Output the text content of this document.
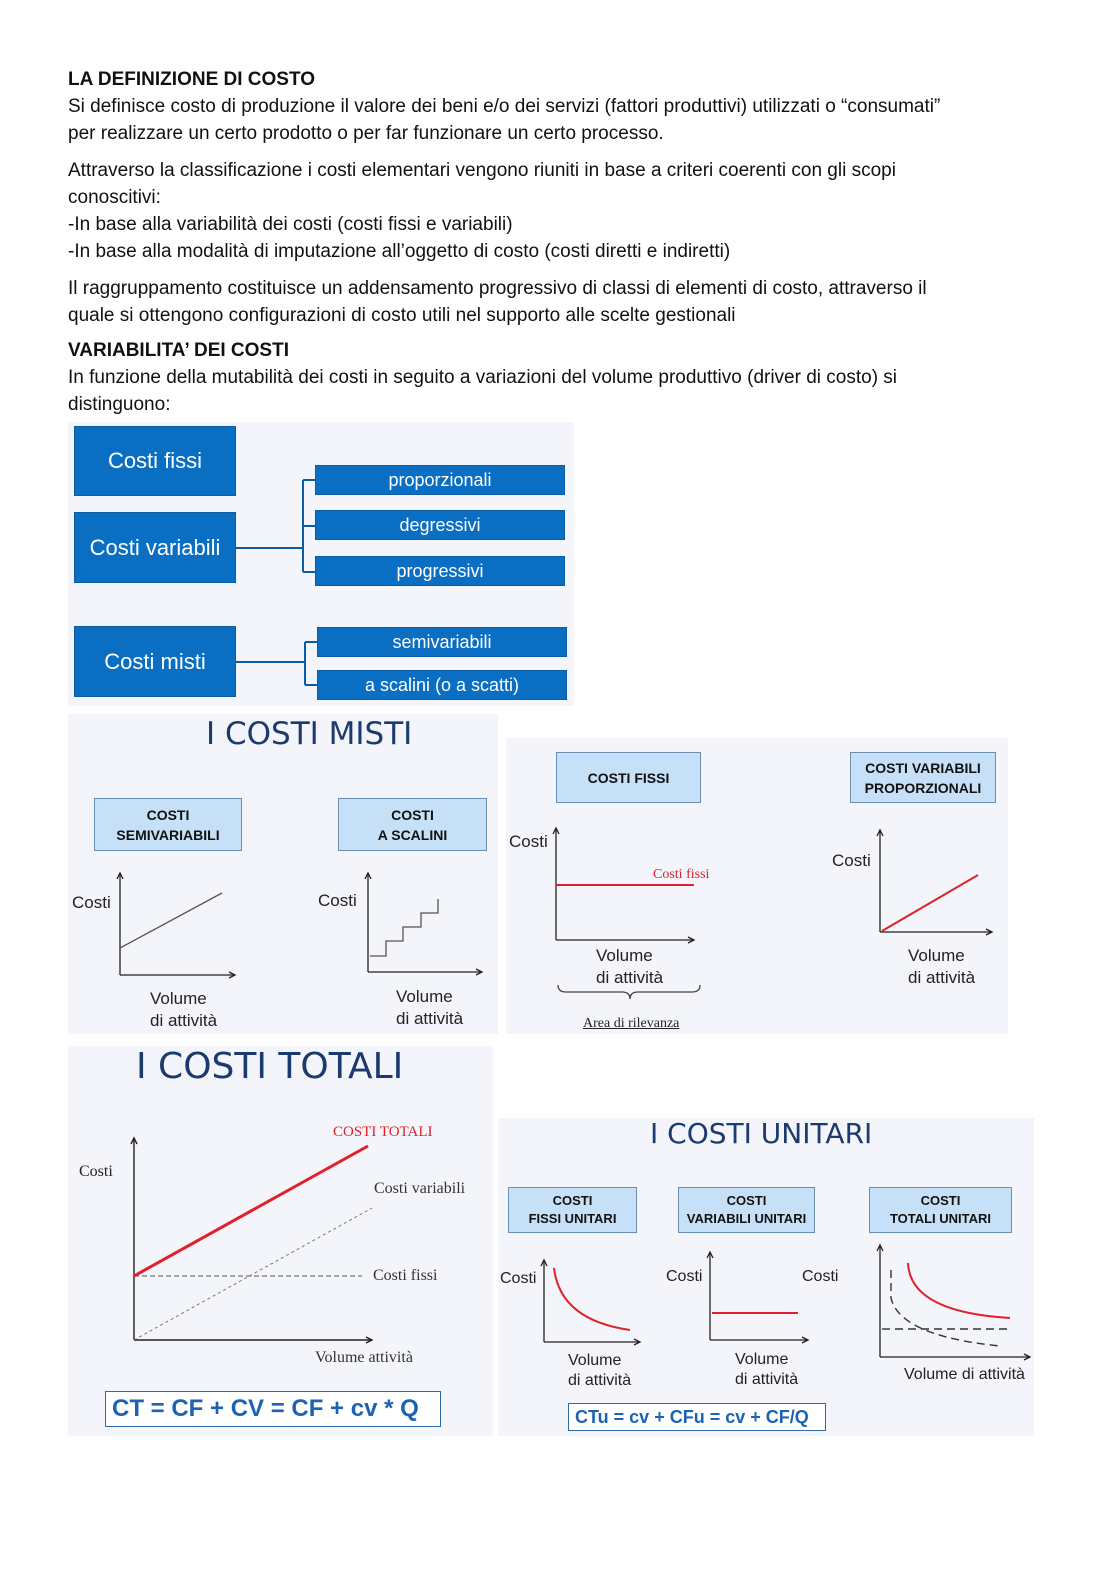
LA DEFINIZIONE DI COSTO

Si definisce costo di produzione il valore dei beni e/o dei servizi (fattori produttivi) utilizzati o “consumati”

per realizzare un certo prodotto o per far funzionare un certo processo.

Attraverso la classificazione i costi elementari vengono riuniti in base a criteri coerenti con gli scopi

conoscitivi:

-In base alla variabilità dei costi (costi fissi e variabili)

-In base alla modalità di imputazione all’oggetto di costo (costi diretti e indiretti)

Il raggruppamento costituisce un addensamento progressivo di classi di elementi di costo, attraverso il

quale si ottengono configurazioni di costo utili nel supporto alle scelte gestionali

VARIABILITA’ DEI COSTI

In funzione della mutabilità dei costi in seguito a variazioni del volume produttivo (driver di costo) si

distinguono:

Costi fissi
Costi variabili
Costi misti
proporzionali
degressivi
progressivi
semivariabili
a scalini (o a scatti)
I COSTI MISTI
COSTI
SEMIVARIABILI
COSTI
A SCALINI
Costi	Costi
Volume
di attività
Volume
di attività
COSTI FISSI
COSTI VARIABILI
PROPORZIONALI
Costi
Costi fissi
Volume
di attività
Area di rilevanza
Costi
Volume
di attività
I COSTI TOTALI
Costi
COSTI TOTALI
Costi variabili
Costi fissi
Volume attività
CT = CF + CV = CF + cv * Q
I COSTI UNITARI
COSTI
FISSI UNITARI
COSTI
VARIABILI UNITARI
COSTI
TOTALI UNITARI
Costi	Costi	Costi
Volume
di attività
Volume
di attività	Volume di attività
CTu = cv + CFu = cv + CF/Q
